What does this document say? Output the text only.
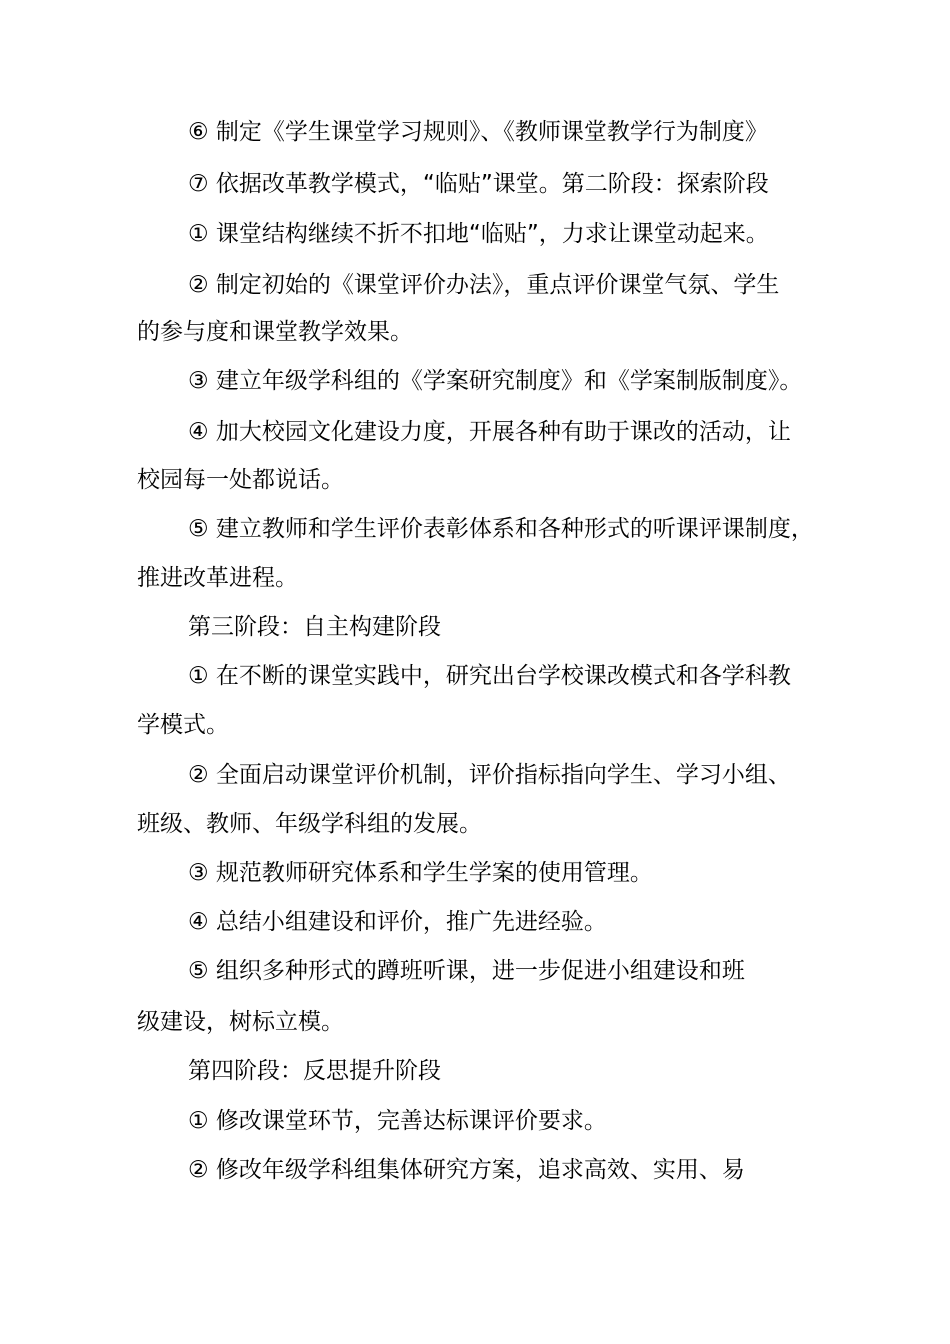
⑥ 制定《学生课堂学习规则》、《教师课堂教学行为制度》
⑦ 依据改革教学模式，“临贴”课堂。第二阶段：探索阶段
① 课堂结构继续不折不扣地“临贴”，力求让课堂动起来。
② 制定初始的《课堂评价办法》，重点评价课堂气氛、学生
的参与度和课堂教学效果。
③ 建立年级学科组的《学案研究制度》和《学案制版制度》。
④ 加大校园文化建设力度，开展各种有助于课改的活动，让
校园每一处都说话。
⑤ 建立教师和学生评价表彰体系和各种形式的听课评课制度，
推进改革进程。
第三阶段：自主构建阶段
① 在不断的课堂实践中，研究出台学校课改模式和各学科教
学模式。
② 全面启动课堂评价机制，评价指标指向学生、学习小组、
班级、教师、年级学科组的发展。
③ 规范教师研究体系和学生学案的使用管理。
④ 总结小组建设和评价，推广先进经验。
⑤ 组织多种形式的蹲班听课，进一步促进小组建设和班
级建设，树标立模。
第四阶段：反思提升阶段
① 修改课堂环节，完善达标课评价要求。
② 修改年级学科组集体研究方案，追求高效、实用、易
